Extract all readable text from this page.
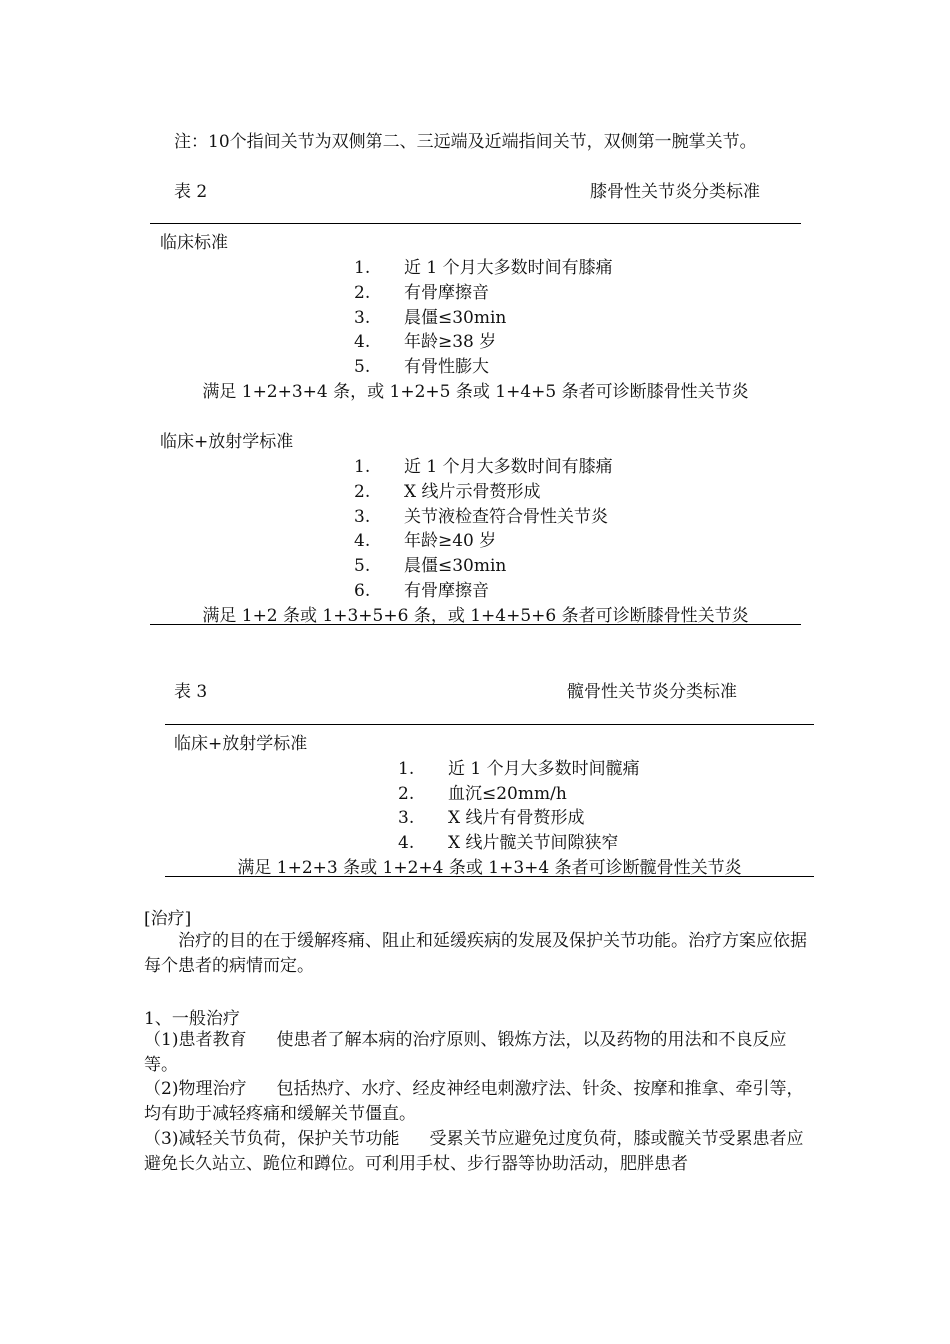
注：10个指间关节为双侧第二、三远端及近端指间关节，双侧第一腕掌关节。
表 2	膝骨性关节炎分类标准
临床标准
1. 近 1 个月大多数时间有膝痛
2. 有骨摩擦音
3. 晨僵≤30min
4. 年龄≥38 岁
5. 有骨性膨大
满足 1+2+3+4 条，或 1+2+5 条或 1+4+5 条者可诊断膝骨性关节炎
临床+放射学标准
1. 近 1 个月大多数时间有膝痛
2. X 线片示骨赘形成
3. 关节液检查符合骨性关节炎
4. 年龄≥40 岁
5. 晨僵≤30min
6. 有骨摩擦音
满足 1+2 条或 1+3+5+6 条，或 1+4+5+6 条者可诊断膝骨性关节炎
表 3	髋骨性关节炎分类标准
临床+放射学标准
1. 近 1 个月大多数时间髋痛
2. 血沉≤20mm/h
3. X 线片有骨赘形成
4. X 线片髋关节间隙狭窄
满足 1+2+3 条或 1+2+4 条或 1+3+4 条者可诊断髋骨性关节炎
[治疗]
治疗的目的在于缓解疼痛、阻止和延缓疾病的发展及保护关节功能。治疗方案应依据每个患者的病情而定。
1、一般治疗
（1)患者教育 使患者了解本病的治疗原则、锻炼方法，以及药物的用法和不良反应等。
（2)物理治疗 包括热疗、水疗、经皮神经电刺激疗法、针灸、按摩和推拿、牵引等，均有助于减轻疼痛和缓解关节僵直。
（3)减轻关节负荷，保护关节功能 受累关节应避免过度负荷，膝或髋关节受累患者应避免长久站立、跪位和蹲位。可利用手杖、步行器等协助活动，肥胖患者
